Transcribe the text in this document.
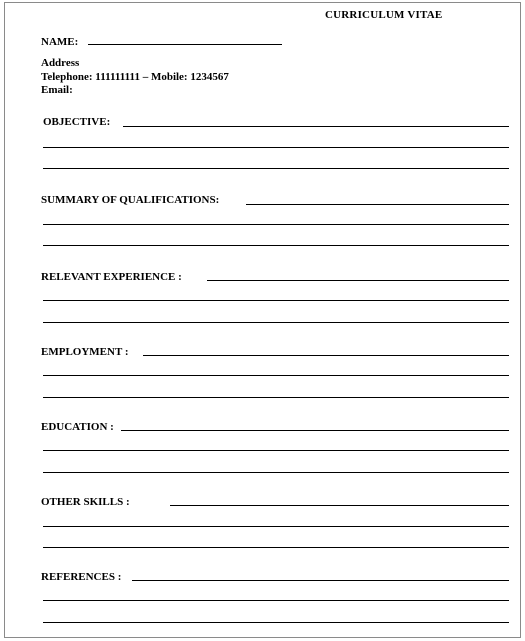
CURRICULUM VITAE
NAME:
Address
Telephone: 111111111 – Mobile: 1234567
Email:
OBJECTIVE:
SUMMARY OF QUALIFICATIONS:
RELEVANT EXPERIENCE :
EMPLOYMENT :
EDUCATION :
OTHER SKILLS :
REFERENCES :
